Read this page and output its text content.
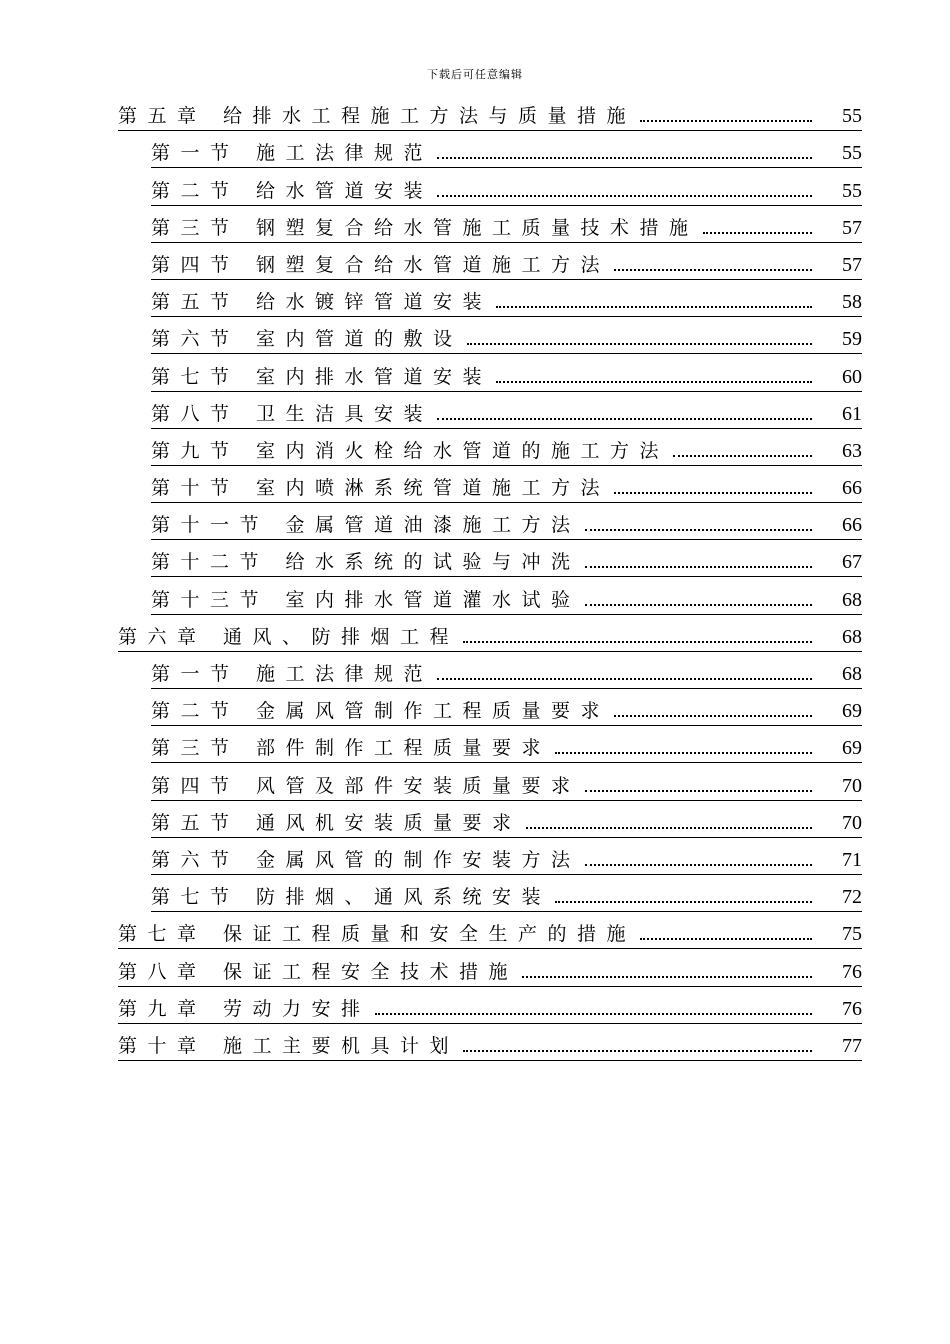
下载后可任意编辑
第五章 给排水工程施工方法与质量措施	55
第一节 施工法律规范	55
第二节 给水管道安装	55
第三节 钢塑复合给水管施工质量技术措施	57
第四节 钢塑复合给水管道施工方法	57
第五节 给水镀锌管道安装	58
第六节 室内管道的敷设	59
第七节 室内排水管道安装	60
第八节 卫生洁具安装	61
第九节 室内消火栓给水管道的施工方法	63
第十节 室内喷淋系统管道施工方法	66
第十一节 金属管道油漆施工方法	66
第十二节 给水系统的试验与冲洗	67
第十三节 室内排水管道灌水试验	68
第六章 通风、防排烟工程	68
第一节 施工法律规范	68
第二节 金属风管制作工程质量要求	69
第三节 部件制作工程质量要求	69
第四节 风管及部件安装质量要求	70
第五节 通风机安装质量要求	70
第六节 金属风管的制作安装方法	71
第七节 防排烟、通风系统安装	72
第七章 保证工程质量和安全生产的措施	75
第八章 保证工程安全技术措施	76
第九章 劳动力安排	76
第十章 施工主要机具计划	77
